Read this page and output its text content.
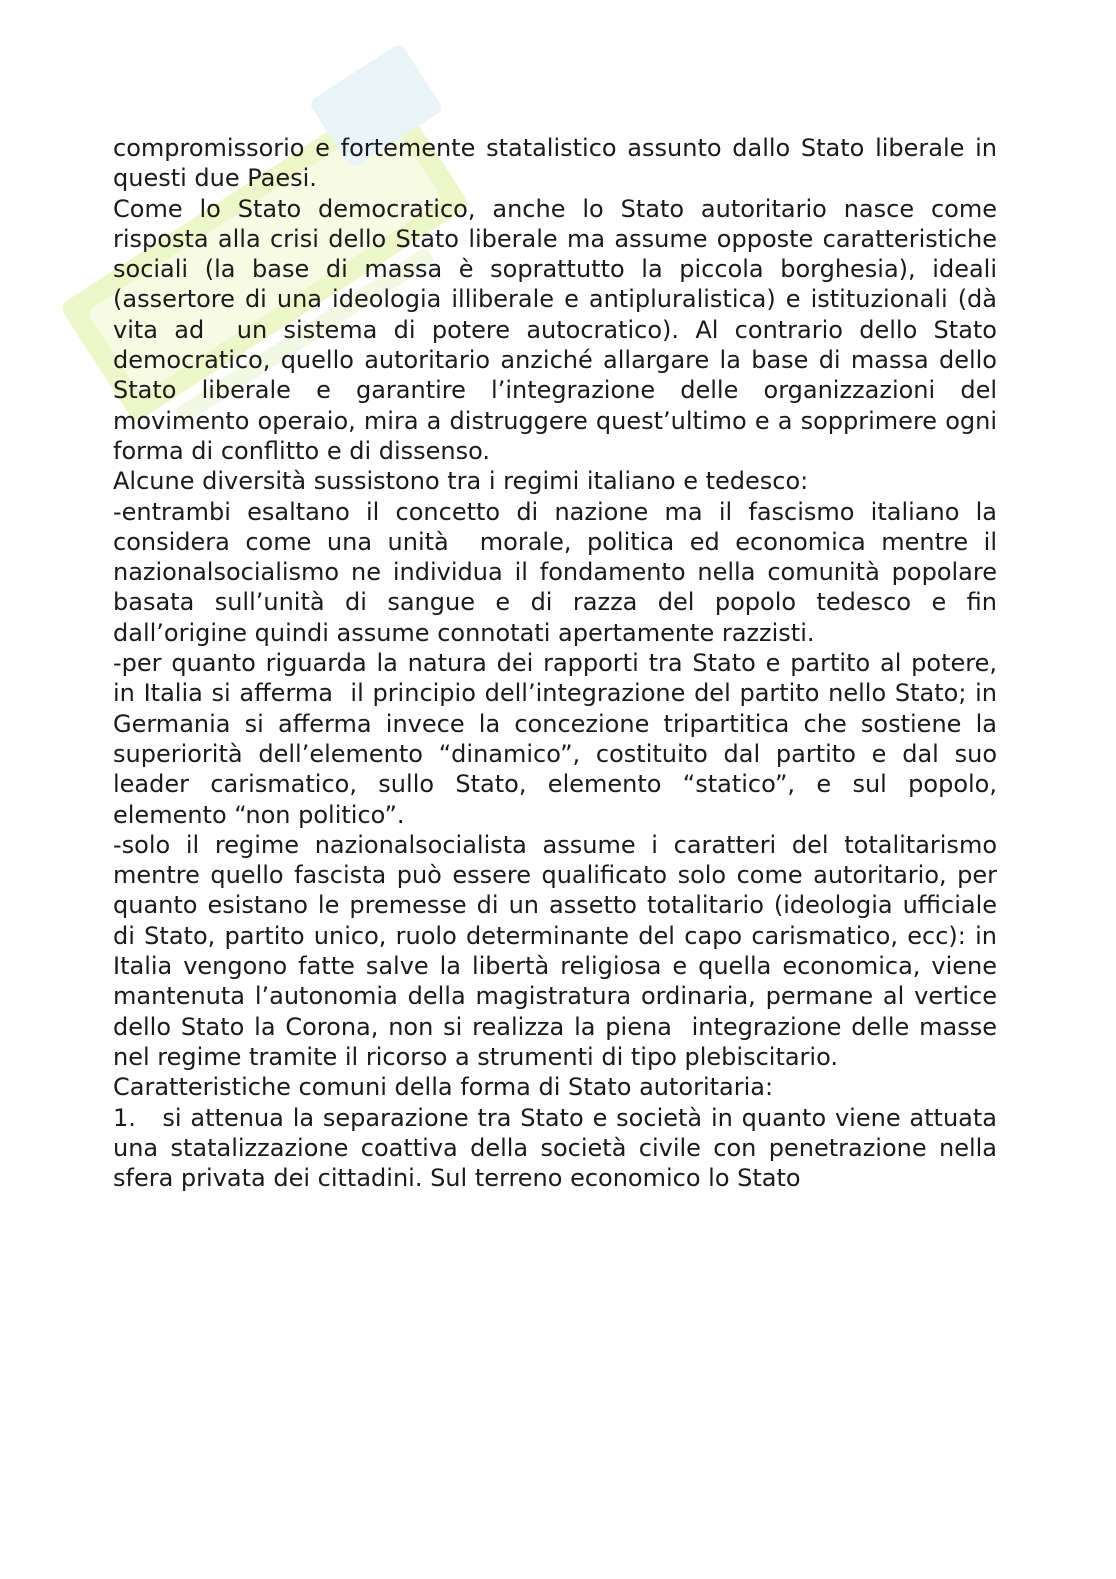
compromissorio e fortemente statalistico assunto dallo Stato liberale in questi due Paesi.

Come lo Stato democratico, anche lo Stato autoritario nasce come risposta alla crisi dello Stato liberale ma assume opposte caratteristiche sociali (la base di massa è soprattutto la piccola borghesia), ideali (assertore di una ideologia illiberale e antipluralistica) e istituzionali (dà vita ad  un sistema di potere autocratico). Al contrario dello Stato democratico, quello autoritario anziché allargare la base di massa dello Stato liberale e garantire l’integrazione delle organizzazioni del movimento operaio, mira a distruggere quest’ultimo e a sopprimere ogni forma di conflitto e di dissenso.

Alcune diversità sussistono tra i regimi italiano e tedesco:

-entrambi esaltano il concetto di nazione ma il fascismo italiano la considera come una unità  morale, politica ed economica mentre il nazionalsocialismo ne individua il fondamento nella comunità popolare basata sull’unità di sangue e di razza del popolo tedesco e fin dall’origine quindi assume connotati apertamente razzisti.

-per quanto riguarda la natura dei rapporti tra Stato e partito al potere, in Italia si afferma  il principio dell’integrazione del partito nello Stato; in Germania si afferma invece la concezione tripartitica che sostiene la superiorità dell’elemento “dinamico”, costituito dal partito e dal suo leader carismatico, sullo Stato, elemento “statico”, e sul popolo, elemento “non politico”.

-solo il regime nazionalsocialista assume i caratteri del totalitarismo mentre quello fascista può essere qualificato solo come autoritario, per quanto esistano le premesse di un assetto totalitario (ideologia ufficiale di Stato, partito unico, ruolo determinante del capo carismatico, ecc): in Italia vengono fatte salve la libertà religiosa e quella economica, viene mantenuta l’autonomia della magistratura ordinaria, permane al vertice dello Stato la Corona, non si realizza la piena  integrazione delle masse nel regime tramite il ricorso a strumenti di tipo plebiscitario.

Caratteristiche comuni della forma di Stato autoritaria:

1.   si attenua la separazione tra Stato e società in quanto viene attuata una statalizzazione coattiva della società civile con penetrazione nella sfera privata dei cittadini. Sul terreno economico lo Stato
